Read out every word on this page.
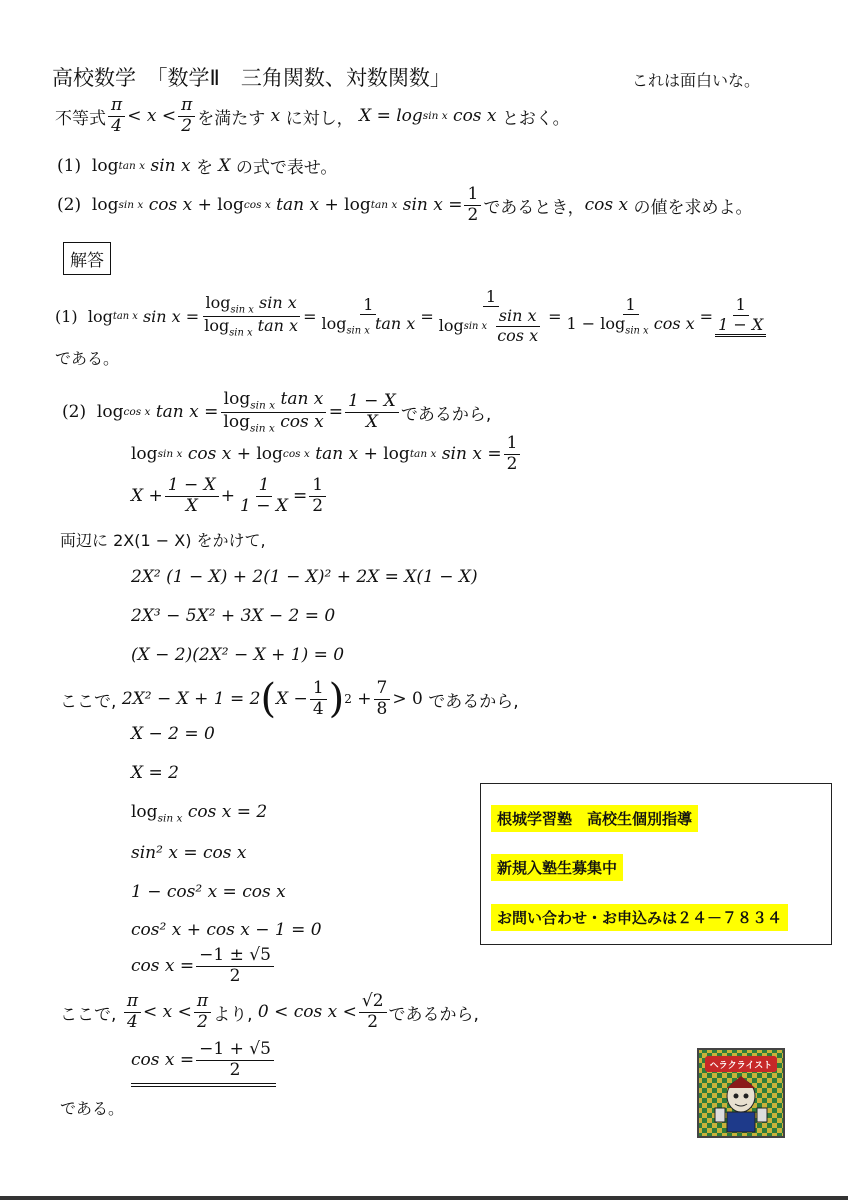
高校数学　「数学Ⅱ　三角関数、対数関数」	これは面白いな。
不等式
π
4 < x <
π
2 を満たす
x
に対し，
X = log sin x
cos x
とおく。
(1)
log tan x
sin x
を
X
の式で表せ。
(2)
log sin x
cos x
+
log cos x
tan x
+
log tan x
sin x
= $\frac{1}{2}$ であるとき， cos x
の値を求めよ。
解答
(1)
log tan x
sin x =
$\log_{sin x} \sin x$
$\log_{sin x} \tan x$ =
1
$\log_{sin x} \tan x$ =
1
log sin x

sin x
cos x
=
1
$1 - \log_{sin x} \cos x$ =
1
1 − X
である。
(2)
log cos x
tan x =
$\log_{sin x} \tan x$
$\log_{sin x} \cos x$ =
1 − X
X であるから,
log sin x
cos x + log cos x
tan x + log tan x
sin x =
1
2
$X + \frac{1 - X}{X}$ +
1
1 − X =
1
2
両辺に 2X(1 − X) をかけて,
2X² (1 − X) + 2(1 − X)² + 2X = X(1 − X)
2X³ − 5X² + 3X − 2 = 0
(X − 2)(2X² − X + 1) = 0
ここで,
2X² − X + 1 = 2 ( $X - \frac{1}{4}$ ) 2 +
7
8 > 0
であるから,
X − 2 = 0
X = 2
$\log_{sin x} \cos x = 2$
sin² x = cos x
1 − cos² x = cos x
cos² x + cos x − 1 = 0
$\cos x = \frac{-1 \pm √5}{2}$
ここで,

π
4 < x <
π
2 より,
0 < cos x <
√2
2 であるから,
$\cos x = \frac{-1 + √5}{2}$
である。
根城学習塾　高校生個別指導
新規入塾生募集中
お問い合わせ・お申込みは２４－７８３４
ヘラクライスト
